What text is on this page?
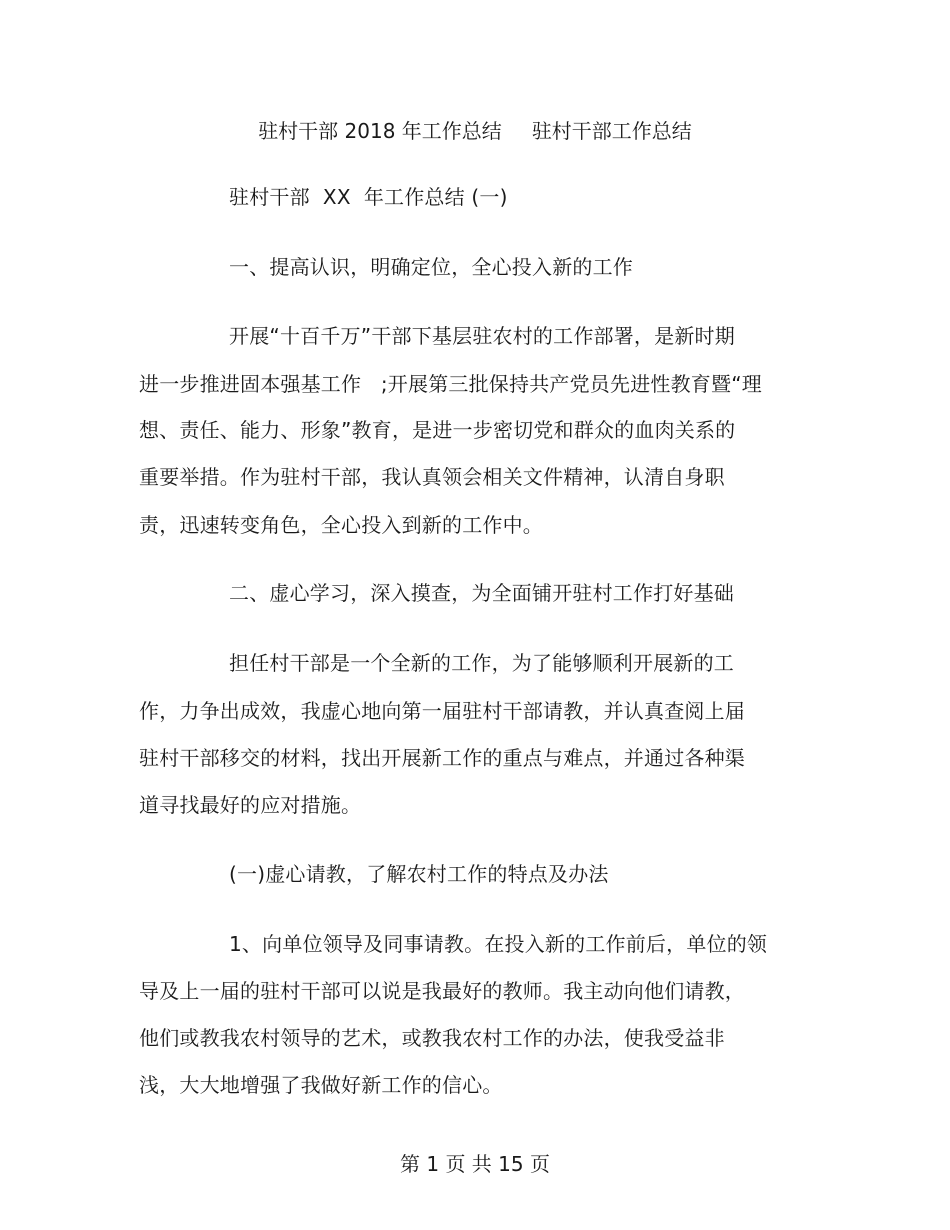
驻村干部 2018 年工作总结 驻村干部工作总结
驻村干部  XX  年工作总结 (一)
一、提高认识，明确定位，全心投入新的工作
开展“十百千万”干部下基层驻农村的工作部署，是新时期
进一步推进固本强基工作   ;开展第三批保持共产党员先进性教育暨“理
想、责任、能力、形象”教育，是进一步密切党和群众的血肉关系的
重要举措。作为驻村干部，我认真领会相关文件精神，认清自身职
责，迅速转变角色，全心投入到新的工作中。
二、虚心学习，深入摸查，为全面铺开驻村工作打好基础
担任村干部是一个全新的工作，为了能够顺利开展新的工
作，力争出成效，我虚心地向第一届驻村干部请教，并认真查阅上届
驻村干部移交的材料，找出开展新工作的重点与难点，并通过各种渠
道寻找最好的应对措施。
(一)虚心请教，了解农村工作的特点及办法
1、向单位领导及同事请教。在投入新的工作前后，单位的领
导及上一届的驻村干部可以说是我最好的教师。我主动向他们请教，
他们或教我农村领导的艺术，或教我农村工作的办法，使我受益非
浅，大大地增强了我做好新工作的信心。
第 1 页 共 15 页
